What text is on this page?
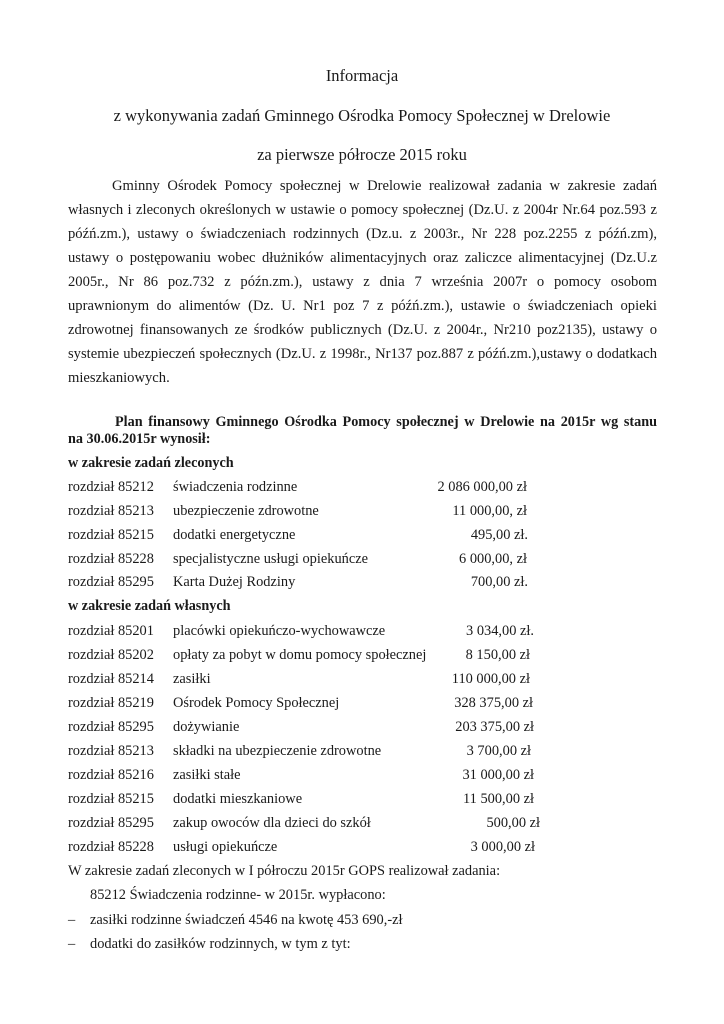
Informacja
z wykonywania zadań Gminnego Ośrodka Pomocy Społecznej w Drelowie
za pierwsze półrocze 2015 roku
Gminny Ośrodek Pomocy społecznej w Drelowie realizował zadania w zakresie zadań
własnych i zleconych określonych w ustawie o pomocy społecznej (Dz.U. z 2004r Nr.64 poz.593 z
późń.zm.), ustawy o świadczeniach rodzinnych (Dz.u. z 2003r., Nr 228 poz.2255 z późń.zm),
ustawy o postępowaniu wobec dłużników alimentacyjnych oraz zaliczce alimentacyjnej (Dz.U.z
2005r., Nr 86 poz.732 z późn.zm.), ustawy z dnia 7 września 2007r o pomocy osobom
uprawnionym do alimentów (Dz. U. Nr1 poz 7 z późń.zm.), ustawie o świadczeniach opieki
zdrowotnej finansowanych ze środków publicznych (Dz.U. z 2004r., Nr210 poz2135), ustawy o
systemie ubezpieczeń społecznych (Dz.U. z 1998r., Nr137 poz.887 z późń.zm.),ustawy o dodatkach
mieszkaniowych.
Plan finansowy Gminnego Ośrodka Pomocy społecznej w Drelowie na 2015r wg stanu
na 30.06.2015r wynosił:
w zakresie zadań zleconych
rozdział 85212 świadczenia rodzinne	2 086 000,00 zł
rozdział 85213 ubezpieczenie zdrowotne	11 000,00, zł
rozdział 85215 dodatki energetyczne	495,00 zł.
rozdział 85228 specjalistyczne usługi opiekuńcze	6 000,00, zł
rozdział 85295 Karta Dużej Rodziny	700,00 zł.
w zakresie zadań własnych
rozdział 85201 placówki opiekuńczo-wychowawcze	3 034,00 zł.
rozdział 85202 opłaty za pobyt w domu pomocy społecznej	8 150,00 zł
rozdział 85214 zasiłki	110 000,00 zł
rozdział 85219 Ośrodek Pomocy Społecznej	328 375,00 zł
rozdział 85295 dożywianie	203 375,00 zł
rozdział 85213 składki na ubezpieczenie zdrowotne	3 700,00 zł
rozdział 85216 zasiłki stałe	31 000,00 zł
rozdział 85215 dodatki mieszkaniowe	11 500,00 zł
rozdział 85295 zakup owoców dla dzieci do szkół	500,00 zł
rozdział 85228 usługi opiekuńcze	3 000,00 zł
W zakresie zadań zleconych w I półroczu 2015r GOPS realizował zadania:
85212 Świadczenia rodzinne- w 2015r. wypłacono:
– zasiłki rodzinne świadczeń 4546 na kwotę 453 690,-zł
– dodatki do zasiłków rodzinnych, w tym z tyt:
